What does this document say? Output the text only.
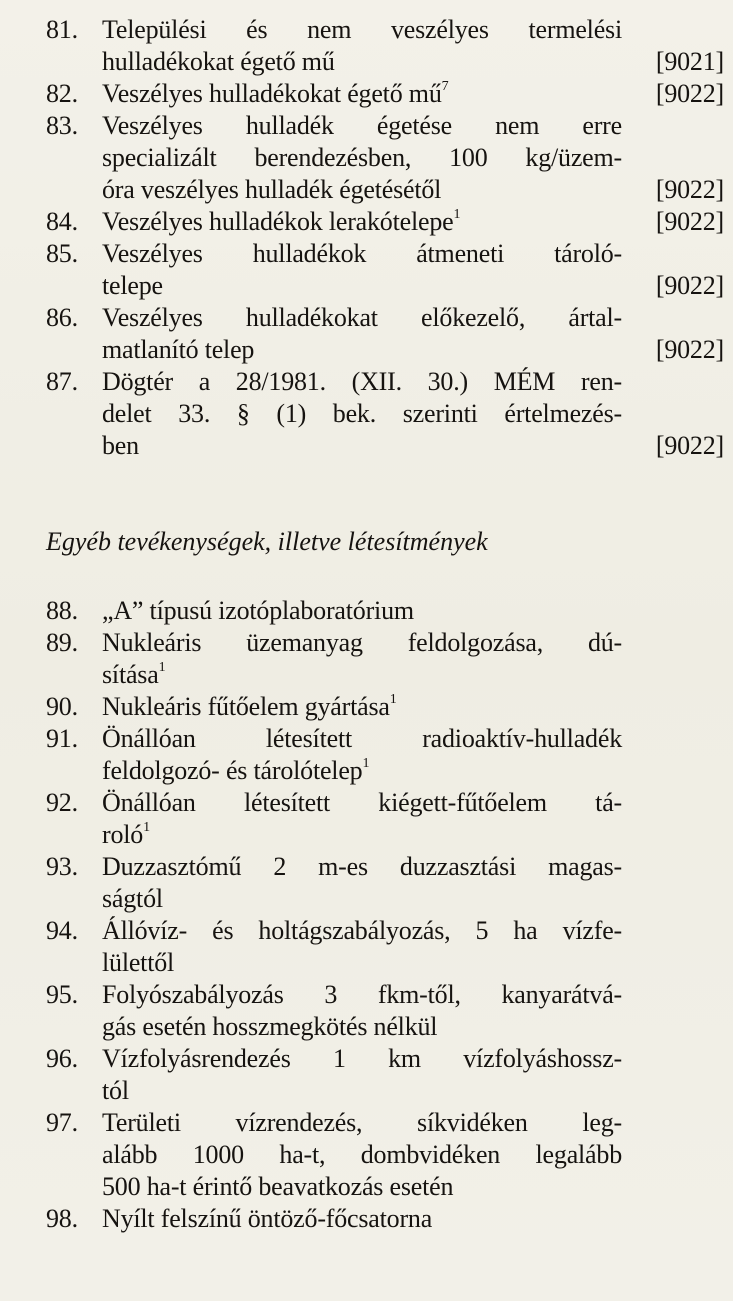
81. Települési és nem veszélyes termelési
hulladékokat égető mű	[9021]
82. Veszélyes hulladékokat égető $mű^7$	[9022]
83. Veszélyes hulladék égetése nem erre
specializált berendezésben, 100 kg/üzem-
óra veszélyes hulladék égetésétől	[9022]
84. Veszélyes hulladékok lerakótelepe$^1$	[9022]
85. Veszélyes hulladékok átmeneti tároló-
telepe	[9022]
86. Veszélyes hulladékokat előkezelő, ártal-
matlanító telep	[9022]
87. Dögtér a 28/1981. (XII. 30.) MÉM ren-
delet 33. § (1) bek. szerinti értelmezés-
ben	[9022]
Egyéb tevékenységek, illetve létesítmények
88. „A” típusú izotóplaboratórium
89. Nukleáris üzemanyag feldolgozása, dú-
sítása$^1$
90. Nukleáris fűtőelem gyártása$^1$
91. Önállóan létesített radioaktív-hulladék
feldolgozó- és tárolótelep$^1$
92. Önállóan létesített kiégett-fűtőelem tá-
roló$^1$
93. Duzzasztómű 2 m-es duzzasztási magas-
ságtól
94. Állóvíz- és holtágszabályozás, 5 ha vízfe-
lülettől
95. Folyószabályozás 3 fkm-től, kanyarátvá-
gás esetén hosszmegkötés nélkül
96. Vízfolyásrendezés 1 km vízfolyáshossz-
tól
97. Területi vízrendezés, síkvidéken leg-
alább 1000 ha-t, dombvidéken legalább
500 ha-t érintő beavatkozás esetén
98. Nyílt felszínű öntöző-főcsatorna
